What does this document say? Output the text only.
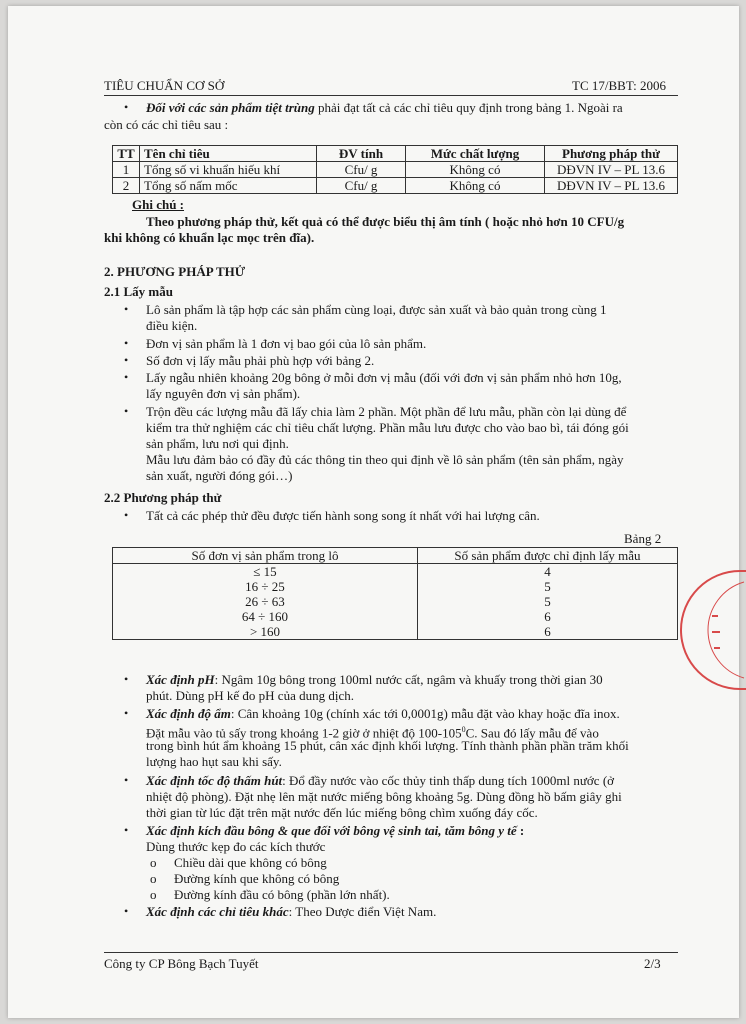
TIÊU CHUẨN CƠ SỞ	TC 17/BBT: 2006
• Đối với các sản phẩm tiệt trùng phải đạt tất cả các chỉ tiêu quy định trong bảng 1. Ngoài ra
còn có các chỉ tiêu sau :
TT	Tên chỉ tiêu	ĐV tính	Mức chất lượng	Phương pháp thử
1	Tổng số vi khuẩn hiếu khí	Cfu/ g	Không có	DĐVN IV – PL 13.6
2	Tổng số nấm mốc	Cfu/ g	Không có	DĐVN IV – PL 13.6
Ghi chú :
Theo phương pháp thử, kết quả có thể được biểu thị âm tính ( hoặc nhỏ hơn 10 CFU/g
khi không có khuẩn lạc mọc trên đĩa).
2. PHƯƠNG PHÁP THỬ
2.1 Lấy mẫu
• Lô sản phẩm là tập hợp các sản phẩm cùng loại, được sản xuất và bảo quản trong cùng 1
điều kiện.
• Đơn vị sản phẩm là 1 đơn vị bao gói của lô sản phẩm.
• Số đơn vị lấy mẫu phải phù hợp với bảng 2.
• Lấy ngẫu nhiên khoảng 20g bông ở mỗi đơn vị mẫu (đối với đơn vị sản phẩm nhỏ hơn 10g,
lấy nguyên đơn vị sản phẩm).
• Trộn đều các lượng mẫu đã lấy chia làm 2 phần. Một phần để lưu mẫu, phần còn lại dùng để
kiểm tra thử nghiệm các chỉ tiêu chất lượng. Phần mẫu lưu được cho vào bao bì, tái đóng gói
sản phẩm, lưu nơi qui định.
Mẫu lưu đảm bảo có đầy đủ các thông tin theo qui định về lô sản phẩm (tên sản phẩm, ngày
sản xuất, người đóng gói…)
2.2 Phương pháp thử
• Tất cả các phép thử đều được tiến hành song song ít nhất với hai lượng cân.
Bảng 2
Số đơn vị sản phẩm trong lô	Số sản phẩm được chỉ định lấy mẫu
≤ 15	4
16 ÷ 25	5
26 ÷ 63	5
64 ÷ 160	6
> 160	6
• Xác định pH: Ngâm 10g bông trong 100ml nước cất, ngâm và khuấy trong thời gian 30
phút. Dùng pH kế đo pH của dung dịch.
• Xác định độ ẩm: Cân khoảng 10g (chính xác tới 0,0001g) mẫu đặt vào khay hoặc đĩa inox.
Đặt mẫu vào tủ sấy trong khoảng 1-2 giờ ở nhiệt độ $100-105^0C$. Sau đó lấy mẫu để vào
trong bình hút ẩm khoảng 15 phút, cân xác định khối lượng. Tính thành phần phần trăm khối
lượng hao hụt sau khi sấy.
• Xác định tốc độ thấm hút: Đổ đầy nước vào cốc thủy tinh thấp dung tích 1000ml nước (ở
nhiệt độ phòng). Đặt nhẹ lên mặt nước miếng bông khoảng 5g. Dùng đồng hồ bấm giây ghi
thời gian từ lúc đặt trên mặt nước đến lúc miếng bông chìm xuống đáy cốc.
• Xác định kích đầu bông & que đối với bông vệ sinh tai, tăm bông y tế :
Dùng thước kẹp đo các kích thước
o Chiều dài que không có bông
o Đường kính que không có bông
o Đường kính đầu có bông (phần lớn nhất).
• Xác định các chỉ tiêu khác: Theo Dược điển Việt Nam.
Công ty CP Bông Bạch Tuyết	2/3
